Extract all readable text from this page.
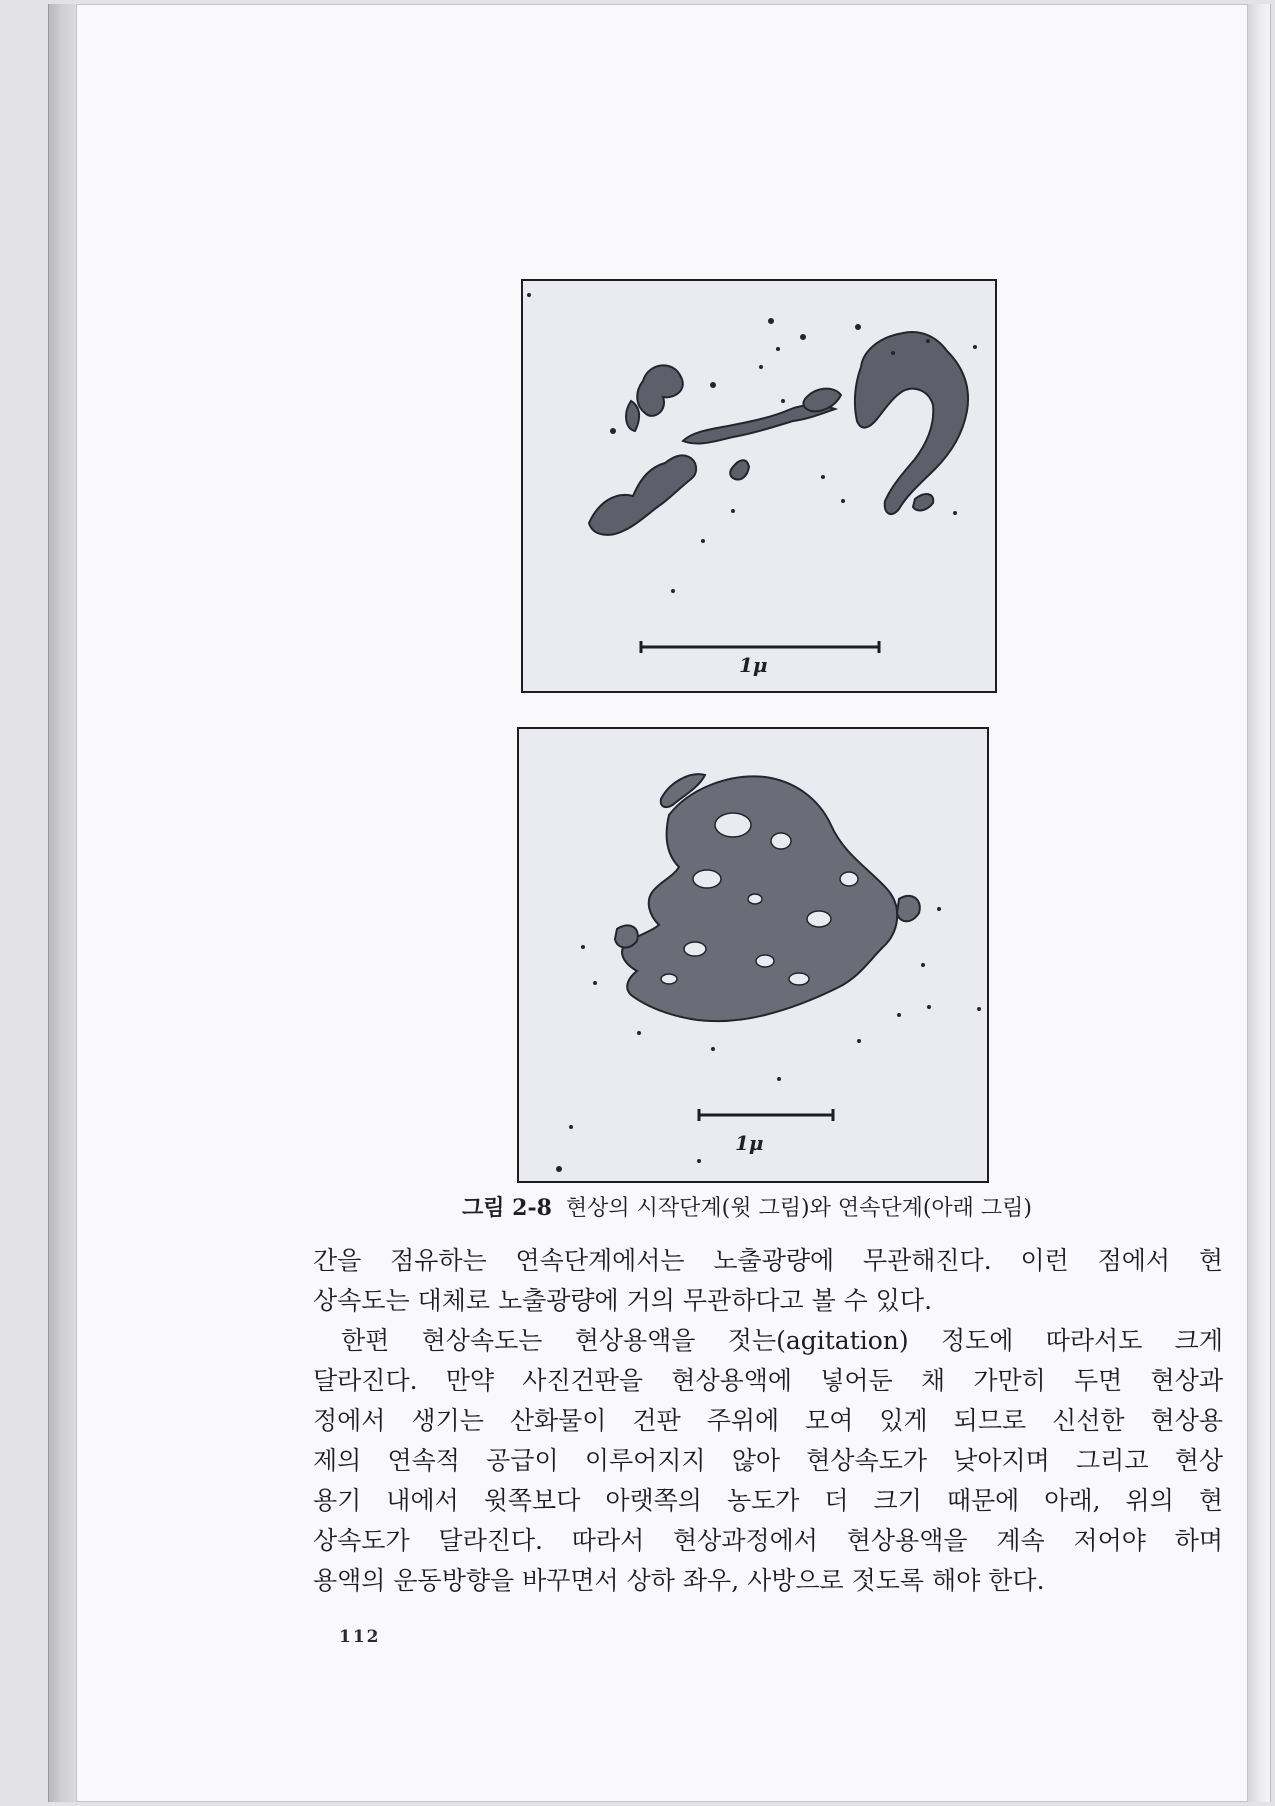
1μ
1μ
그림 2-8 현상의 시작단계(윗 그림)와 연속단계(아래 그림)
간을 점유하는 연속단계에서는 노출광량에 무관해진다. 이런 점에서 현
상속도는 대체로 노출광량에 거의 무관하다고 볼 수 있다.
한편 현상속도는 현상용액을 젓는(agitation) 정도에 따라서도 크게
달라진다. 만약 사진건판을 현상용액에 넣어둔 채 가만히 두면 현상과
정에서 생기는 산화물이 건판 주위에 모여 있게 되므로 신선한 현상용
제의 연속적 공급이 이루어지지 않아 현상속도가 낮아지며 그리고 현상
용기 내에서 윗쪽보다 아랫쪽의 농도가 더 크기 때문에 아래, 위의 현
상속도가 달라진다. 따라서 현상과정에서 현상용액을 계속 저어야 하며
용액의 운동방향을 바꾸면서 상하 좌우, 사방으로 젓도록 해야 한다.
112
